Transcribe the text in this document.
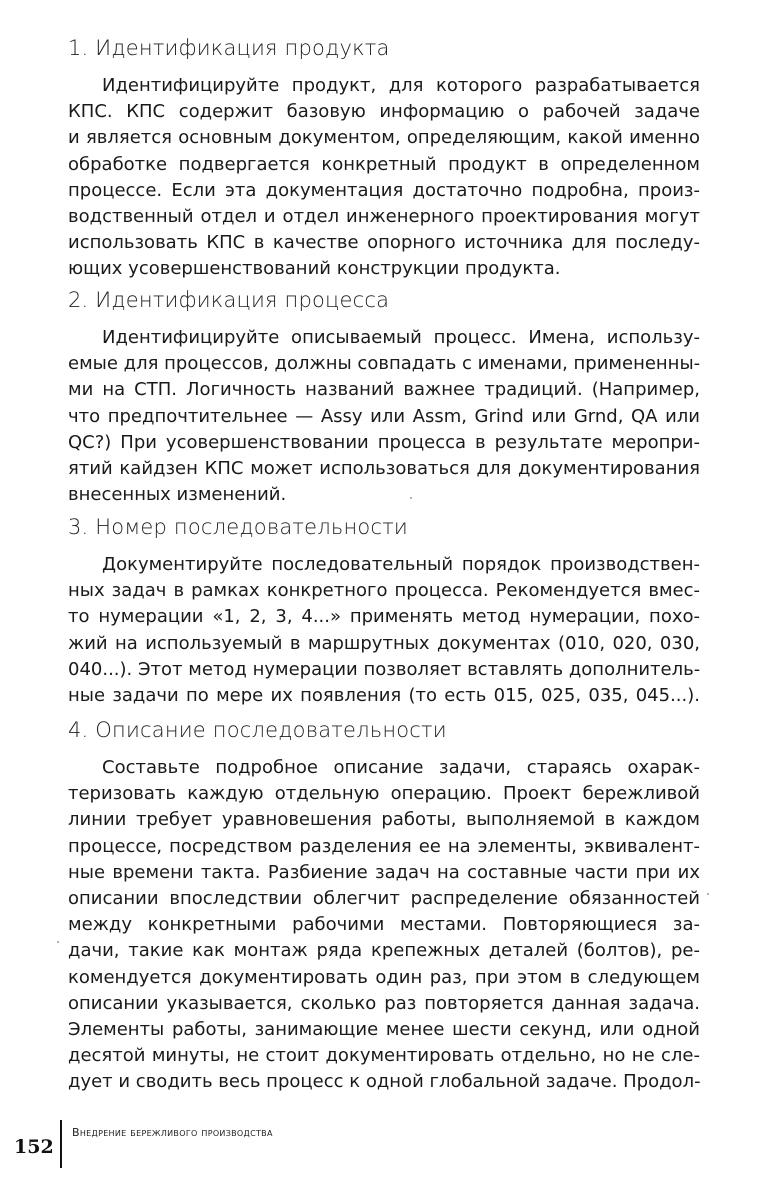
1. Идентификация продукта
Идентифицируйте продукт, для которого разрабатывается
КПС. КПС содержит базовую информацию о рабочей задаче
и является основным документом, определяющим, какой именно
обработке подвергается конкретный продукт в определенном
процессе. Если эта документация достаточно подробна, произ-
водственный отдел и отдел инженерного проектирования могут
использовать КПС в качестве опорного источника для последу-
ющих усовершенствований конструкции продукта.
2. Идентификация процесса
Идентифицируйте описываемый процесс. Имена, использу-
емые для процессов, должны совпадать с именами, примененны-
ми на СТП. Логичность названий важнее традиций. (Например,
что предпочтительнее — Assy или Assm, Grind или Grnd, QA или
QC?) При усовершенствовании процесса в результате меропри-
ятий кайдзен КПС может использоваться для документирования
внесенных изменений.
3. Номер последовательности
Документируйте последовательный порядок производствен-
ных задач в рамках конкретного процесса. Рекомендуется вмес-
то нумерации «1, 2, 3, 4...» применять метод нумерации, похо-
жий на используемый в маршрутных документах (010, 020, 030,
040...). Этот метод нумерации позволяет вставлять дополнитель-
ные задачи по мере их появления (то есть 015, 025, 035, 045...).
4. Описание последовательности
Составьте подробное описание задачи, стараясь охарак-
теризовать каждую отдельную операцию. Проект бережливой
линии требует уравновешения работы, выполняемой в каждом
процессе, посредством разделения ее на элементы, эквивалент-
ные времени такта. Разбиение задач на составные части при их
описании впоследствии облегчит распределение обязанностей
между конкретными рабочими местами. Повторяющиеся за-
дачи, такие как монтаж ряда крепежных деталей (болтов), ре-
комендуется документировать один раз, при этом в следующем
описании указывается, сколько раз повторяется данная задача.
Элементы работы, занимающие менее шести секунд, или одной
десятой минуты, не стоит документировать отдельно, но не сле-
дует и сводить весь процесс к одной глобальной задаче. Продол-
152
Внедрение бережливого производства
